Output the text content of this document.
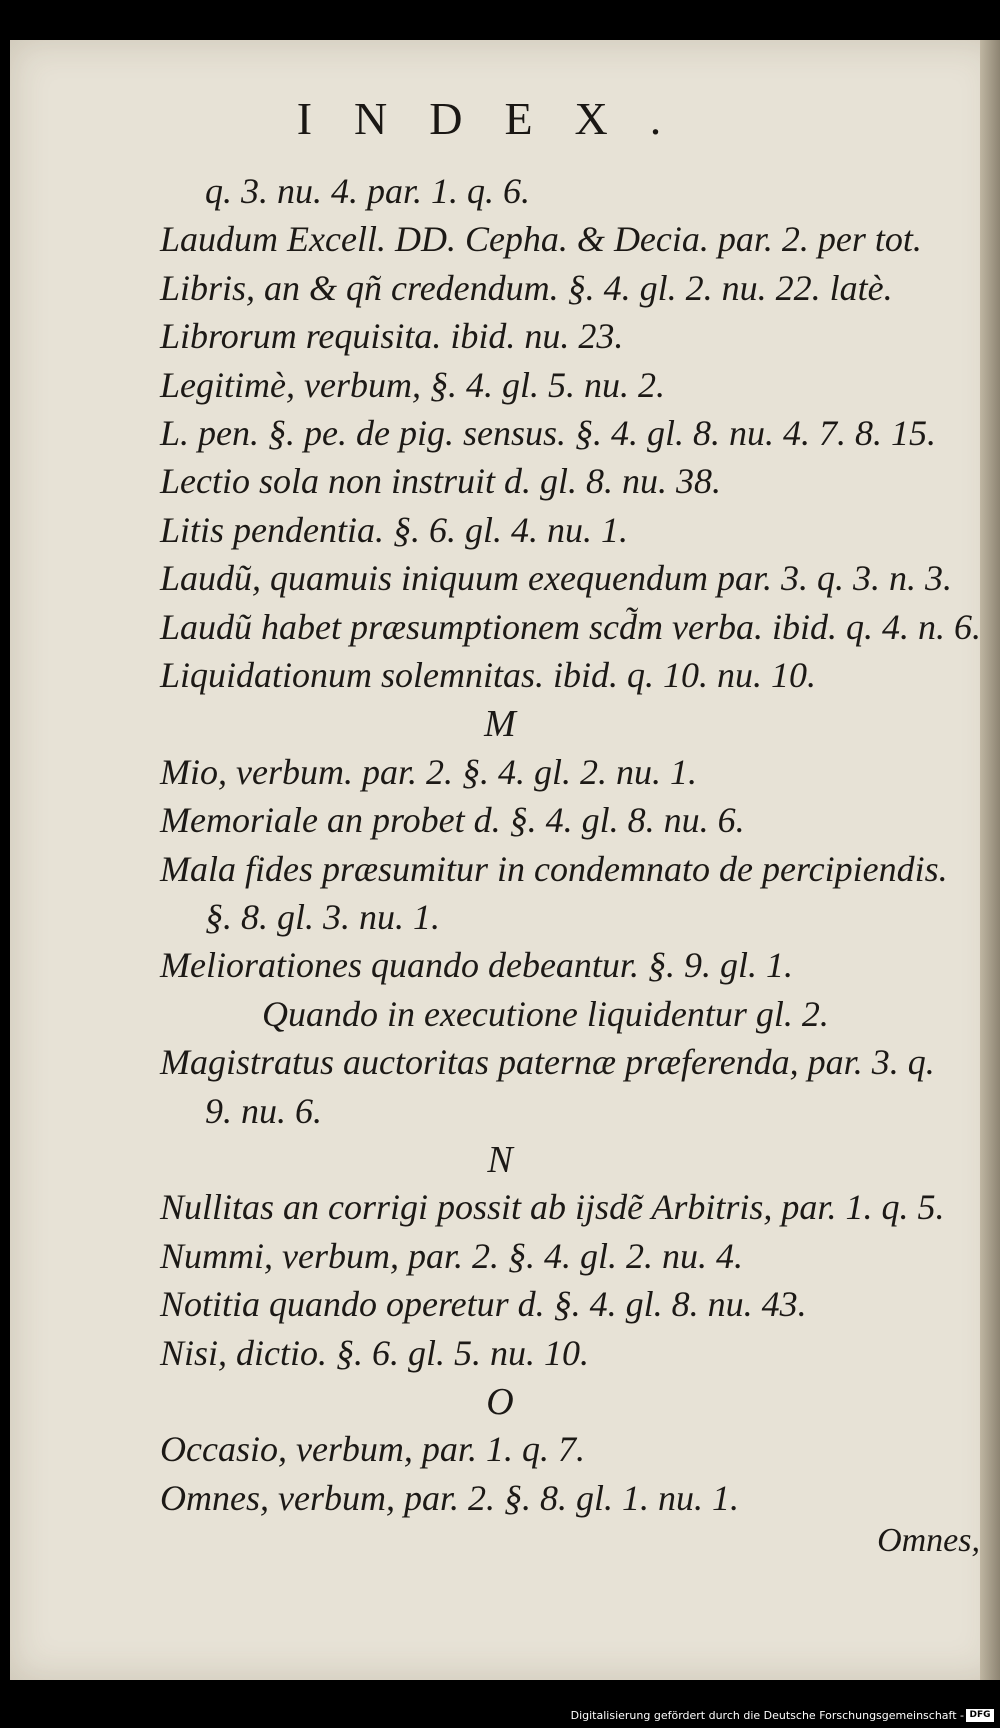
INDEX.
q. 3. nu. 4. par. 1. q. 6.
Laudum Excell. DD. Cepha. & Decia. par. 2. per tot.
Libris, an & qñ credendum. §. 4. gl. 2. nu. 22. latè.
Librorum requisita. ibid. nu. 23.
Legitimè, verbum, §. 4. gl. 5. nu. 2.
L. pen. §. pe. de pig. sensus. §. 4. gl. 8. nu. 4. 7. 8. 15.
Lectio sola non instruit d. gl. 8. nu. 38.
Litis pendentia. §. 6. gl. 4. nu. 1.
Laudũ, quamuis iniquum exequendum par. 3. q. 3. n. 3.
Laudũ habet præsumptionem scd̃m verba. ibid. q. 4. n. 6.
Liquidationum solemnitas. ibid. q. 10. nu. 10.
M
Mio, verbum. par. 2. §. 4. gl. 2. nu. 1.
Memoriale an probet d. §. 4. gl. 8. nu. 6.
Mala fides præsumitur in condemnato de percipiendis.
§. 8. gl. 3. nu. 1.
Meliorationes quando debeantur. §. 9. gl. 1.
Quando in executione liquidentur gl. 2.
Magistratus auctoritas paternæ præferenda, par. 3. q.
9. nu. 6.
N
Nullitas an corrigi possit ab ijsdẽ Arbitris, par. 1. q. 5.
Nummi, verbum, par. 2. §. 4. gl. 2. nu. 4.
Notitia quando operetur d. §. 4. gl. 8. nu. 43.
Nisi, dictio. §. 6. gl. 5. nu. 10.
O
Occasio, verbum, par. 1. q. 7.
Omnes, verbum, par. 2. §. 8. gl. 1. nu. 1.
Omnes,
Digitalisierung gefördert durch die Deutsche Forschungsgemeinschaft - DFG
